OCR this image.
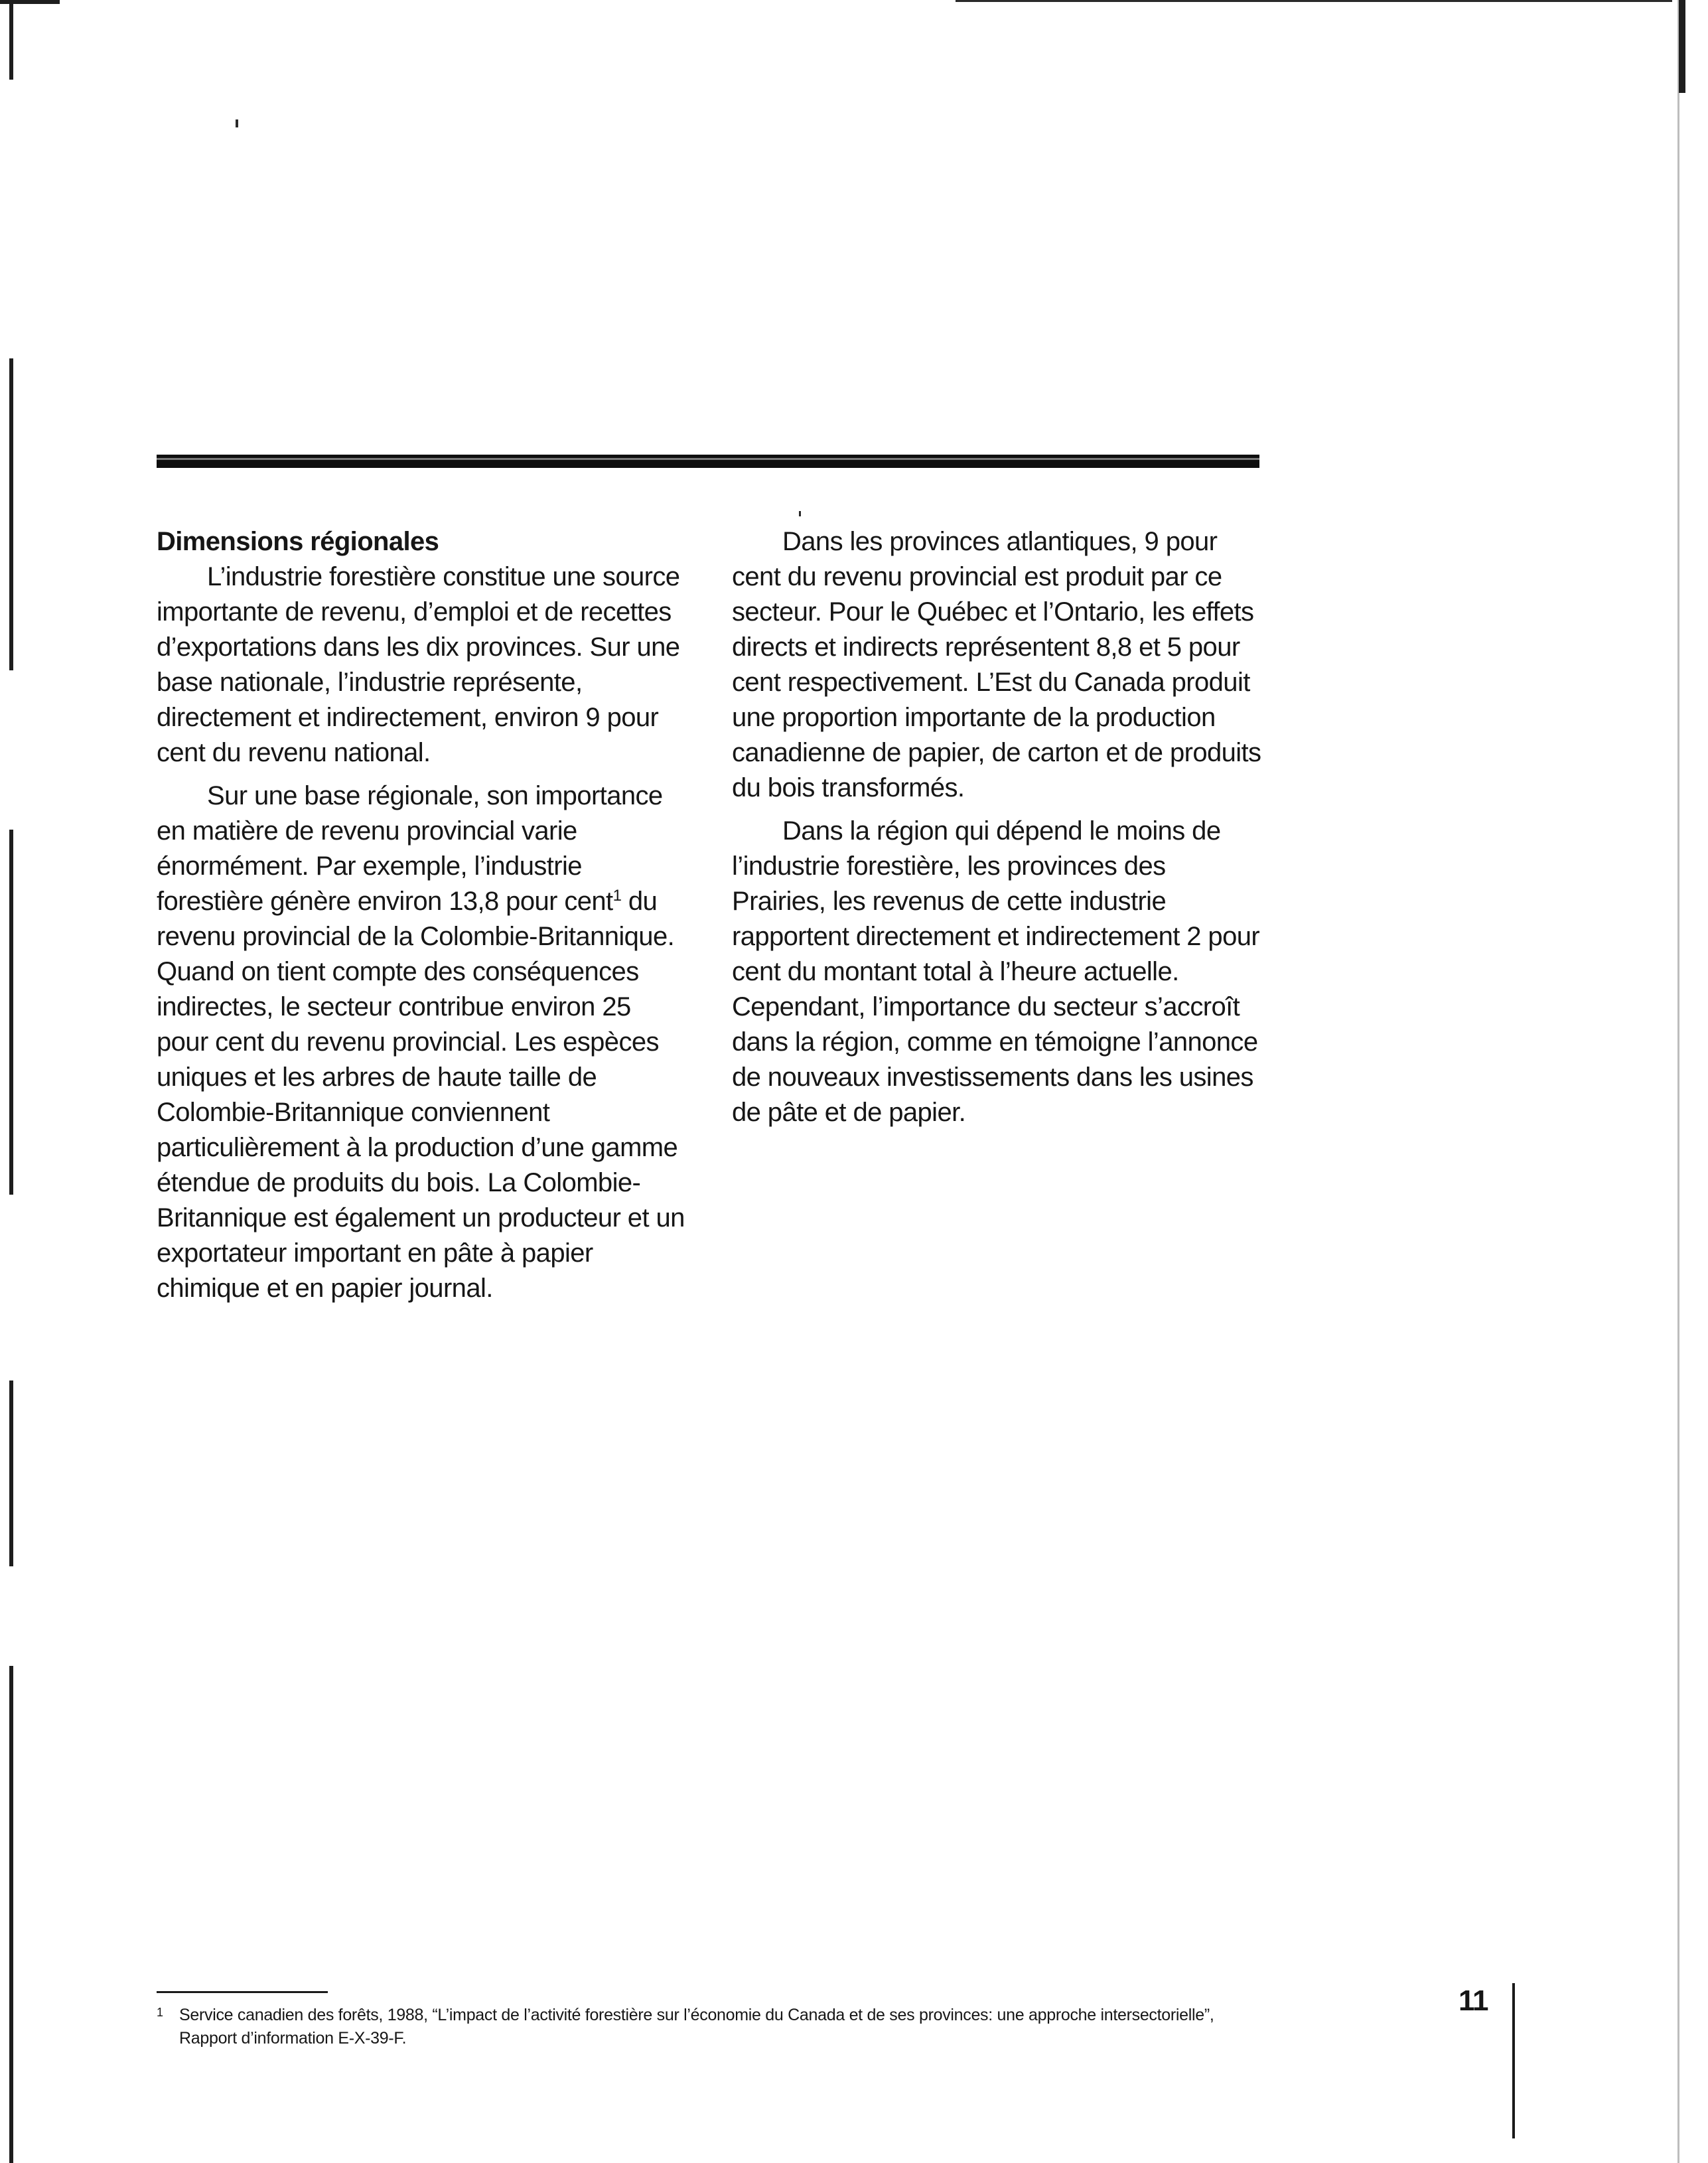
Dimensions régionales

L’industrie forestière constitue une source importante de revenu, d’emploi et de recettes d’exportations dans les dix provinces. Sur une base nationale, l’industrie représente, directement et indirectement, environ 9 pour cent du revenu national.

Sur une base régionale, son importance en matière de revenu provincial varie énormément. Par exemple, l’industrie forestière génère environ 13,8 pour cent$^1$ du revenu provincial de la Colombie-Britannique. Quand on tient compte des conséquences indirectes, le secteur contribue environ 25 pour cent du revenu provincial. Les espèces uniques et les arbres de haute taille de Colombie-Britannique conviennent particulièrement à la production d’une gamme étendue de produits du bois. La Colombie-Britannique est également un producteur et un exportateur important en pâte à papier chimique et en papier journal.

Dans les provinces atlantiques, 9 pour cent du revenu provincial est produit par ce secteur. Pour le Québec et l’Ontario, les effets directs et indirects représentent 8,8 et 5 pour cent respectivement. L’Est du Canada produit une proportion importante de la production canadienne de papier, de carton et de produits du bois transformés.

Dans la région qui dépend le moins de l’industrie forestière, les provinces des Prairies, les revenus de cette industrie rapportent directement et indirectement 2 pour cent du montant total à l’heure actuelle. Cependant, l’importance du secteur s’accroît dans la région, comme en témoigne l’annonce de nouveaux investissements dans les usines de pâte et de papier.

1 Service canadien des forêts, 1988, “L’impact de l’activité forestière sur l’économie du Canada et de ses provinces: une approche intersectorielle”,
Rapport d’information E-X-39-F.
11
